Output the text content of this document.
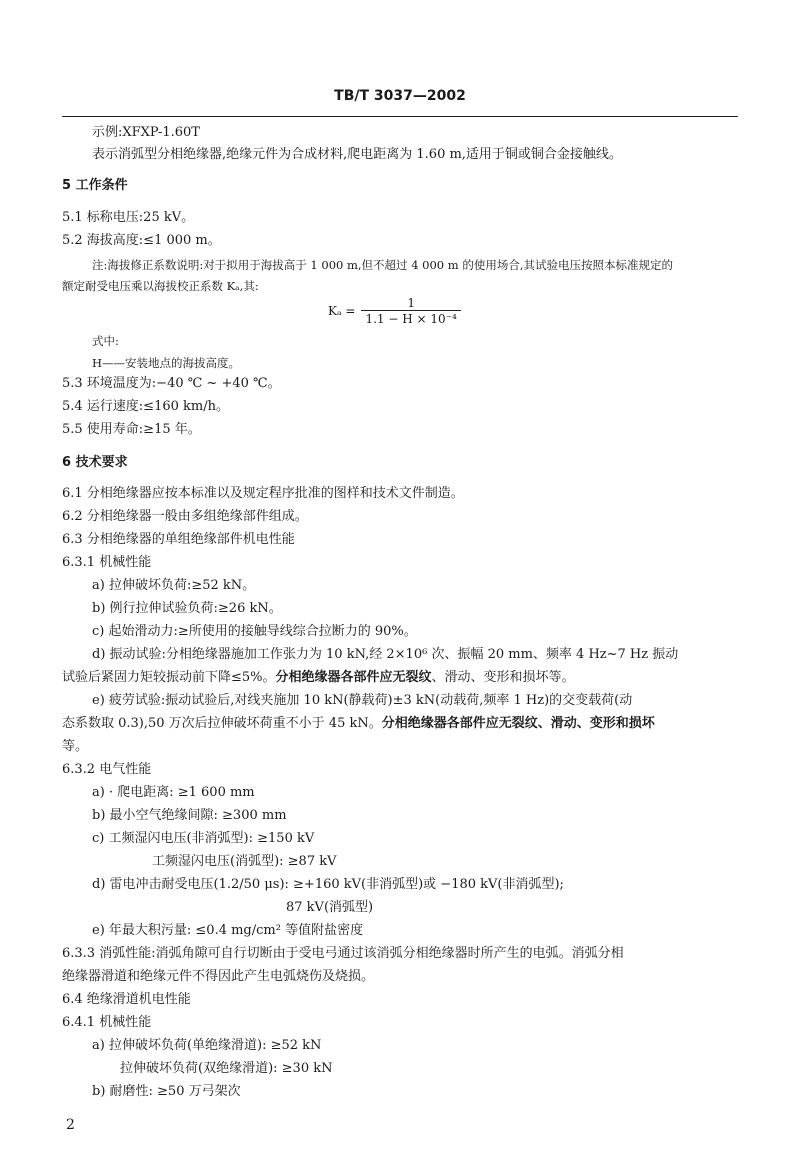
TB/T 3037—2002
示例:XFXP-1.60T
表示消弧型分相绝缘器,绝缘元件为合成材料,爬电距离为 1.60 m,适用于铜或铜合金接触线。
5 工作条件
5.1 标称电压:25 kV。
5.2 海拔高度:≤1 000 m。
注:海拔修正系数说明:对于拟用于海拔高于 1 000 m,但不超过 4 000 m 的使用场合,其试验电压按照本标准规定的
额定耐受电压乘以海拔校正系数 Kₐ,其:
$K_a = \frac{1}{\text{1.1 − H × 10⁻⁴}}$
式中:
H——安装地点的海拔高度。
5.3 环境温度为:−40 ℃ ~ +40 ℃。
5.4 运行速度:≤160 km/h。
5.5 使用寿命:≥15 年。
6 技术要求
6.1 分相绝缘器应按本标准以及规定程序批准的图样和技术文件制造。
6.2 分相绝缘器一般由多组绝缘部件组成。
6.3 分相绝缘器的单组绝缘部件机电性能
6.3.1 机械性能
a) 拉伸破坏负荷:≥52 kN。
b) 例行拉伸试验负荷:≥26 kN。
c) 起始滑动力:≥所使用的接触导线综合拉断力的 90%。
d) 振动试验:分相绝缘器施加工作张力为 10 kN,经 2×10⁶ 次、振幅 20 mm、频率 4 Hz~7 Hz 振动
试验后紧固力矩较振动前下降≤5%。分相绝缘器各部件应无裂纹、滑动、变形和损坏等。
e) 疲劳试验:振动试验后,对线夹施加 10 kN(静载荷)±3 kN(动载荷,频率 1 Hz)的交变载荷(动
态系数取 0.3),50 万次后拉伸破坏荷重不小于 45 kN。分相绝缘器各部件应无裂纹、滑动、变形和损坏
等。
6.3.2 电气性能
a) · 爬电距离: ≥1 600 mm
b) 最小空气绝缘间隙: ≥300 mm
c) 工频湿闪电压(非消弧型): ≥150 kV
工频湿闪电压(消弧型): ≥87 kV
d) 雷电冲击耐受电压(1.2/50 μs): ≥+160 kV(非消弧型)或 −180 kV(非消弧型);
87 kV(消弧型)
e) 年最大积污量: ≤0.4 mg/cm² 等值附盐密度
6.3.3 消弧性能:消弧角隙可自行切断由于受电弓通过该消弧分相绝缘器时所产生的电弧。消弧分相
绝缘器滑道和绝缘元件不得因此产生电弧烧伤及烧损。
6.4 绝缘滑道机电性能
6.4.1 机械性能
a) 拉伸破坏负荷(单绝缘滑道): ≥52 kN
拉伸破坏负荷(双绝缘滑道): ≥30 kN
b) 耐磨性: ≥50 万弓架次
2
